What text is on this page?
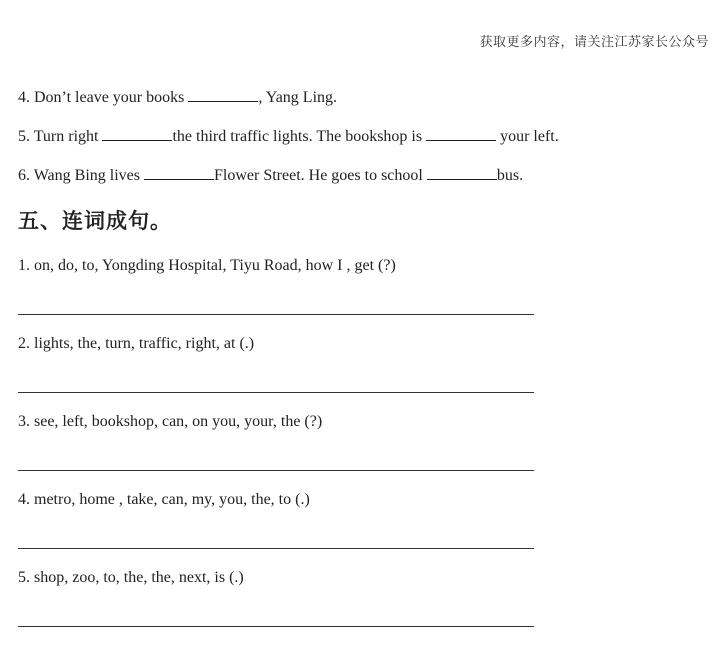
获取更多内容，请关注江苏家长公众号
4. Don’t leave your books	, Yang Ling.
5. Turn right	the third traffic lights. The bookshop is	your left.
6. Wang Bing lives	Flower Street. He goes to school	bus.
五、连词成句。
1. on, do, to, Yongding Hospital, Tiyu Road, how I , get (?)
2. lights, the, turn, traffic, right, at (.)
3. see, left, bookshop, can, on you, your, the (?)
4. metro, home , take, can, my, you, the, to (.)
5. shop, zoo, to, the, the, next, is (.)
